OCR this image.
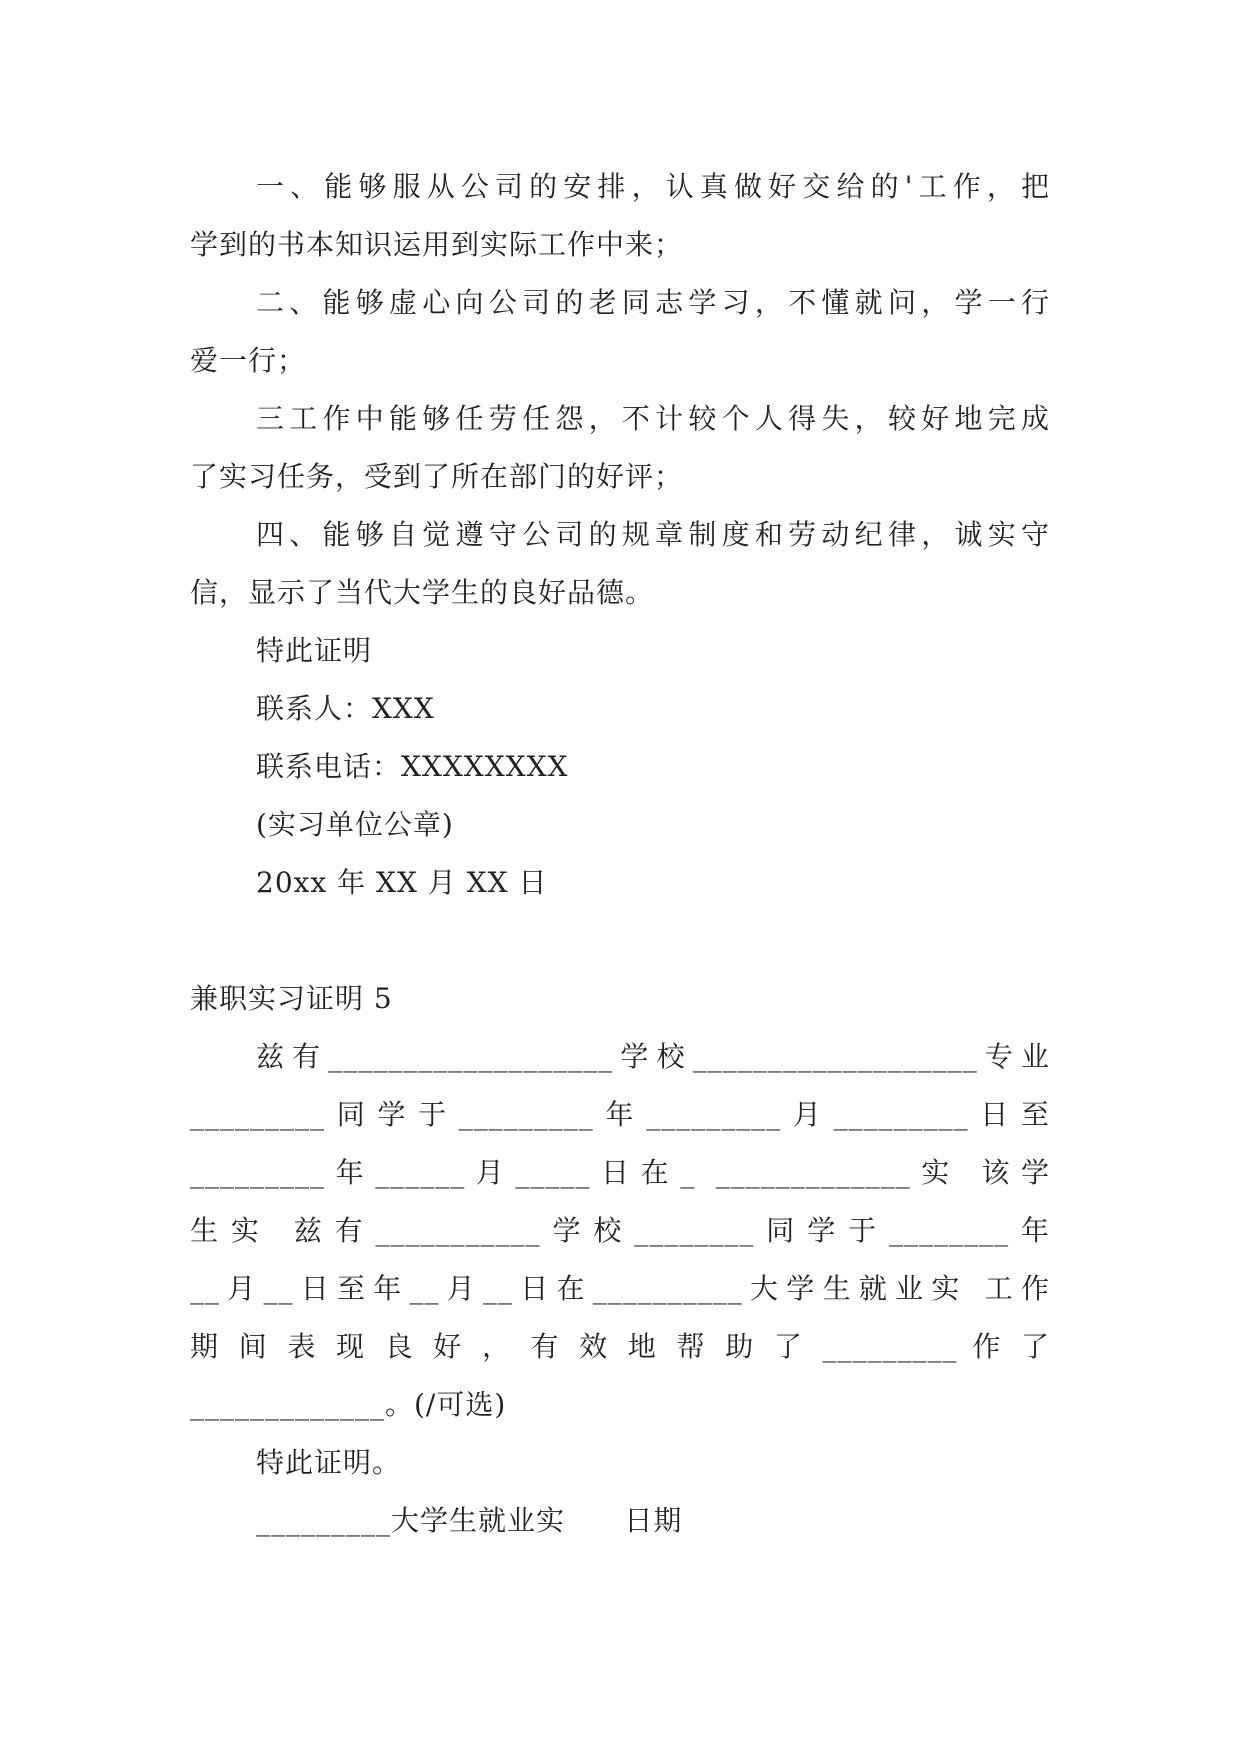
一、能够服从公司的安排，认真做好交给的'工作，把
学到的书本知识运用到实际工作中来；
二、能够虚心向公司的老同志学习，不懂就问，学一行
爱一行；
三工作中能够任劳任怨，不计较个人得失，较好地完成
了实习任务，受到了所在部门的好评；
四、能够自觉遵守公司的规章制度和劳动纪律，诚实守
信，显示了当代大学生的良好品德。
特此证明
联系人：XXX
联系电话：XXXXXXXX
(实习单位公章)
20xx 年 XX 月 XX 日
兼职实习证明 5
兹有___________________学校___________________专业
_________同学于_________年_________月_________日至
_________年______月_____日在_ _____________实 该学
生实 兹有___________学校________同学于________年
__月__日至年__月__日在__________大学生就业实 工作
期 间 表 现 良 好 ， 有 效 地 帮 助 了 _________ 作 了
_____________。(/可选)
特此证明。
_________大学生就业实      日期
